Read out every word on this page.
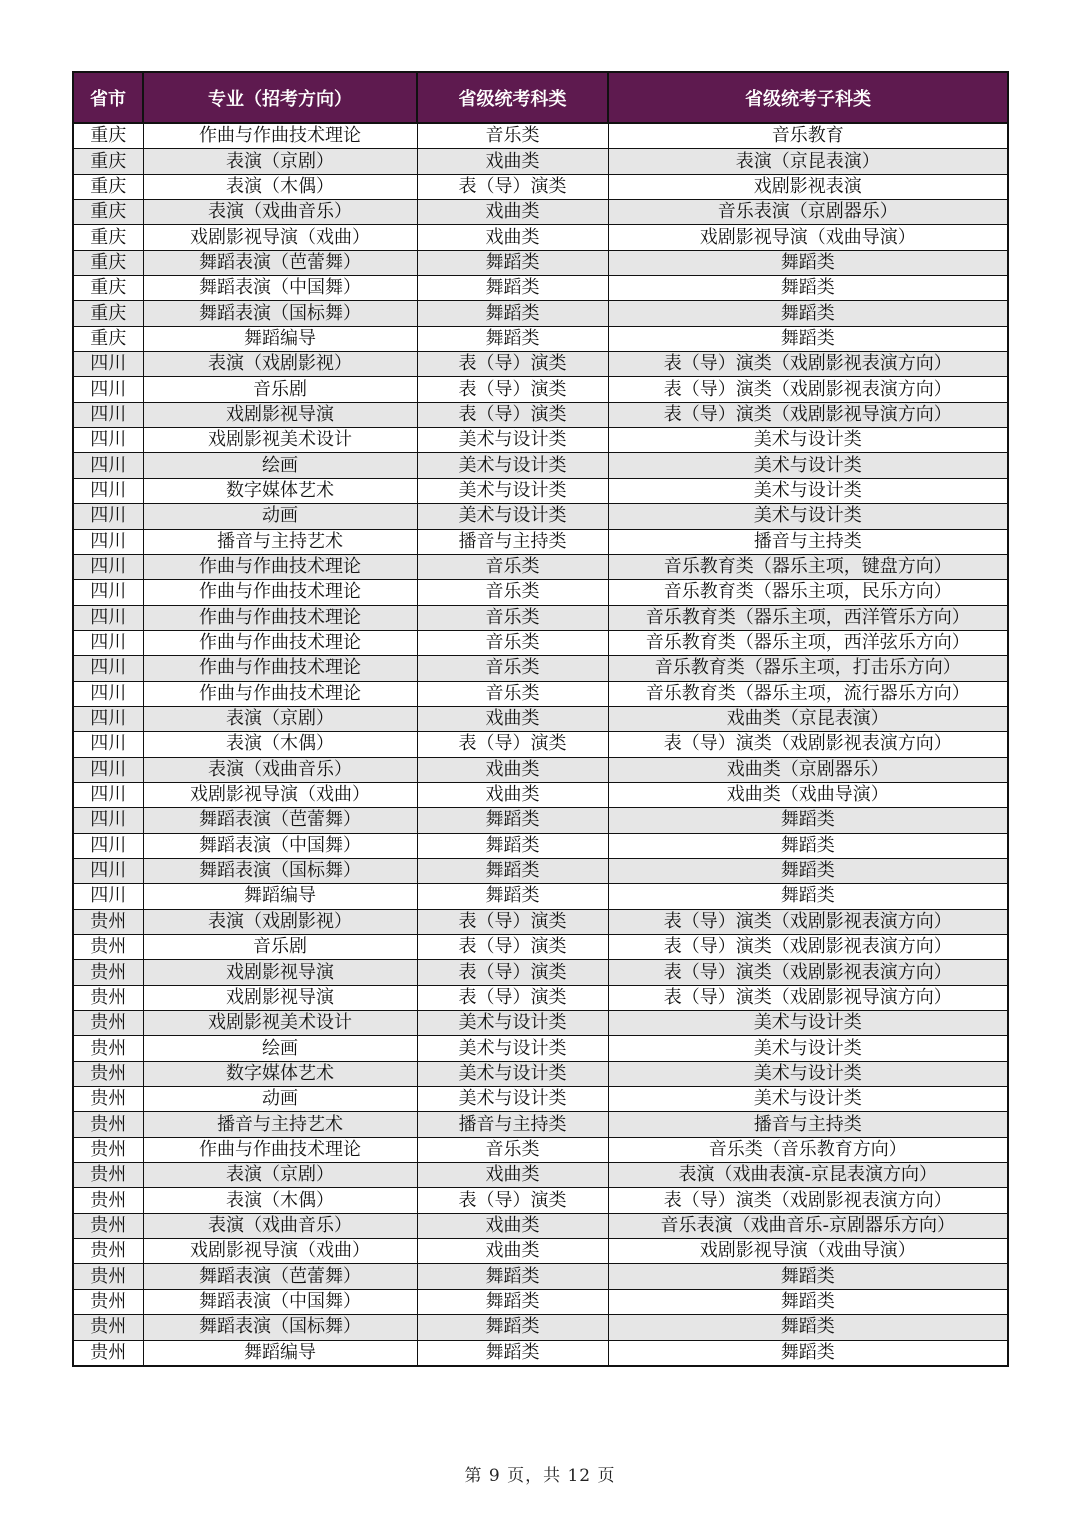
省市	专业（招考方向）	省级统考科类	省级统考子科类
重庆	作曲与作曲技术理论	音乐类	音乐教育
重庆	表演（京剧）	戏曲类	表演（京昆表演）
重庆	表演（木偶）	表（导）演类	戏剧影视表演
重庆	表演（戏曲音乐）	戏曲类	音乐表演（京剧器乐）
重庆	戏剧影视导演（戏曲）	戏曲类	戏剧影视导演（戏曲导演）
重庆	舞蹈表演（芭蕾舞）	舞蹈类	舞蹈类
重庆	舞蹈表演（中国舞）	舞蹈类	舞蹈类
重庆	舞蹈表演（国标舞）	舞蹈类	舞蹈类
重庆	舞蹈编导	舞蹈类	舞蹈类
四川	表演（戏剧影视）	表（导）演类	表（导）演类（戏剧影视表演方向）
四川	音乐剧	表（导）演类	表（导）演类（戏剧影视表演方向）
四川	戏剧影视导演	表（导）演类	表（导）演类（戏剧影视导演方向）
四川	戏剧影视美术设计	美术与设计类	美术与设计类
四川	绘画	美术与设计类	美术与设计类
四川	数字媒体艺术	美术与设计类	美术与设计类
四川	动画	美术与设计类	美术与设计类
四川	播音与主持艺术	播音与主持类	播音与主持类
四川	作曲与作曲技术理论	音乐类	音乐教育类（器乐主项，键盘方向）
四川	作曲与作曲技术理论	音乐类	音乐教育类（器乐主项，民乐方向）
四川	作曲与作曲技术理论	音乐类	音乐教育类（器乐主项，西洋管乐方向）
四川	作曲与作曲技术理论	音乐类	音乐教育类（器乐主项，西洋弦乐方向）
四川	作曲与作曲技术理论	音乐类	音乐教育类（器乐主项，打击乐方向）
四川	作曲与作曲技术理论	音乐类	音乐教育类（器乐主项，流行器乐方向）
四川	表演（京剧）	戏曲类	戏曲类（京昆表演）
四川	表演（木偶）	表（导）演类	表（导）演类（戏剧影视表演方向）
四川	表演（戏曲音乐）	戏曲类	戏曲类（京剧器乐）
四川	戏剧影视导演（戏曲）	戏曲类	戏曲类（戏曲导演）
四川	舞蹈表演（芭蕾舞）	舞蹈类	舞蹈类
四川	舞蹈表演（中国舞）	舞蹈类	舞蹈类
四川	舞蹈表演（国标舞）	舞蹈类	舞蹈类
四川	舞蹈编导	舞蹈类	舞蹈类
贵州	表演（戏剧影视）	表（导）演类	表（导）演类（戏剧影视表演方向）
贵州	音乐剧	表（导）演类	表（导）演类（戏剧影视表演方向）
贵州	戏剧影视导演	表（导）演类	表（导）演类（戏剧影视表演方向）
贵州	戏剧影视导演	表（导）演类	表（导）演类（戏剧影视导演方向）
贵州	戏剧影视美术设计	美术与设计类	美术与设计类
贵州	绘画	美术与设计类	美术与设计类
贵州	数字媒体艺术	美术与设计类	美术与设计类
贵州	动画	美术与设计类	美术与设计类
贵州	播音与主持艺术	播音与主持类	播音与主持类
贵州	作曲与作曲技术理论	音乐类	音乐类（音乐教育方向）
贵州	表演（京剧）	戏曲类	表演（戏曲表演-京昆表演方向）
贵州	表演（木偶）	表（导）演类	表（导）演类（戏剧影视表演方向）
贵州	表演（戏曲音乐）	戏曲类	音乐表演（戏曲音乐-京剧器乐方向）
贵州	戏剧影视导演（戏曲）	戏曲类	戏剧影视导演（戏曲导演）
贵州	舞蹈表演（芭蕾舞）	舞蹈类	舞蹈类
贵州	舞蹈表演（中国舞）	舞蹈类	舞蹈类
贵州	舞蹈表演（国标舞）	舞蹈类	舞蹈类
贵州	舞蹈编导	舞蹈类	舞蹈类
第 9 页，共 12 页
